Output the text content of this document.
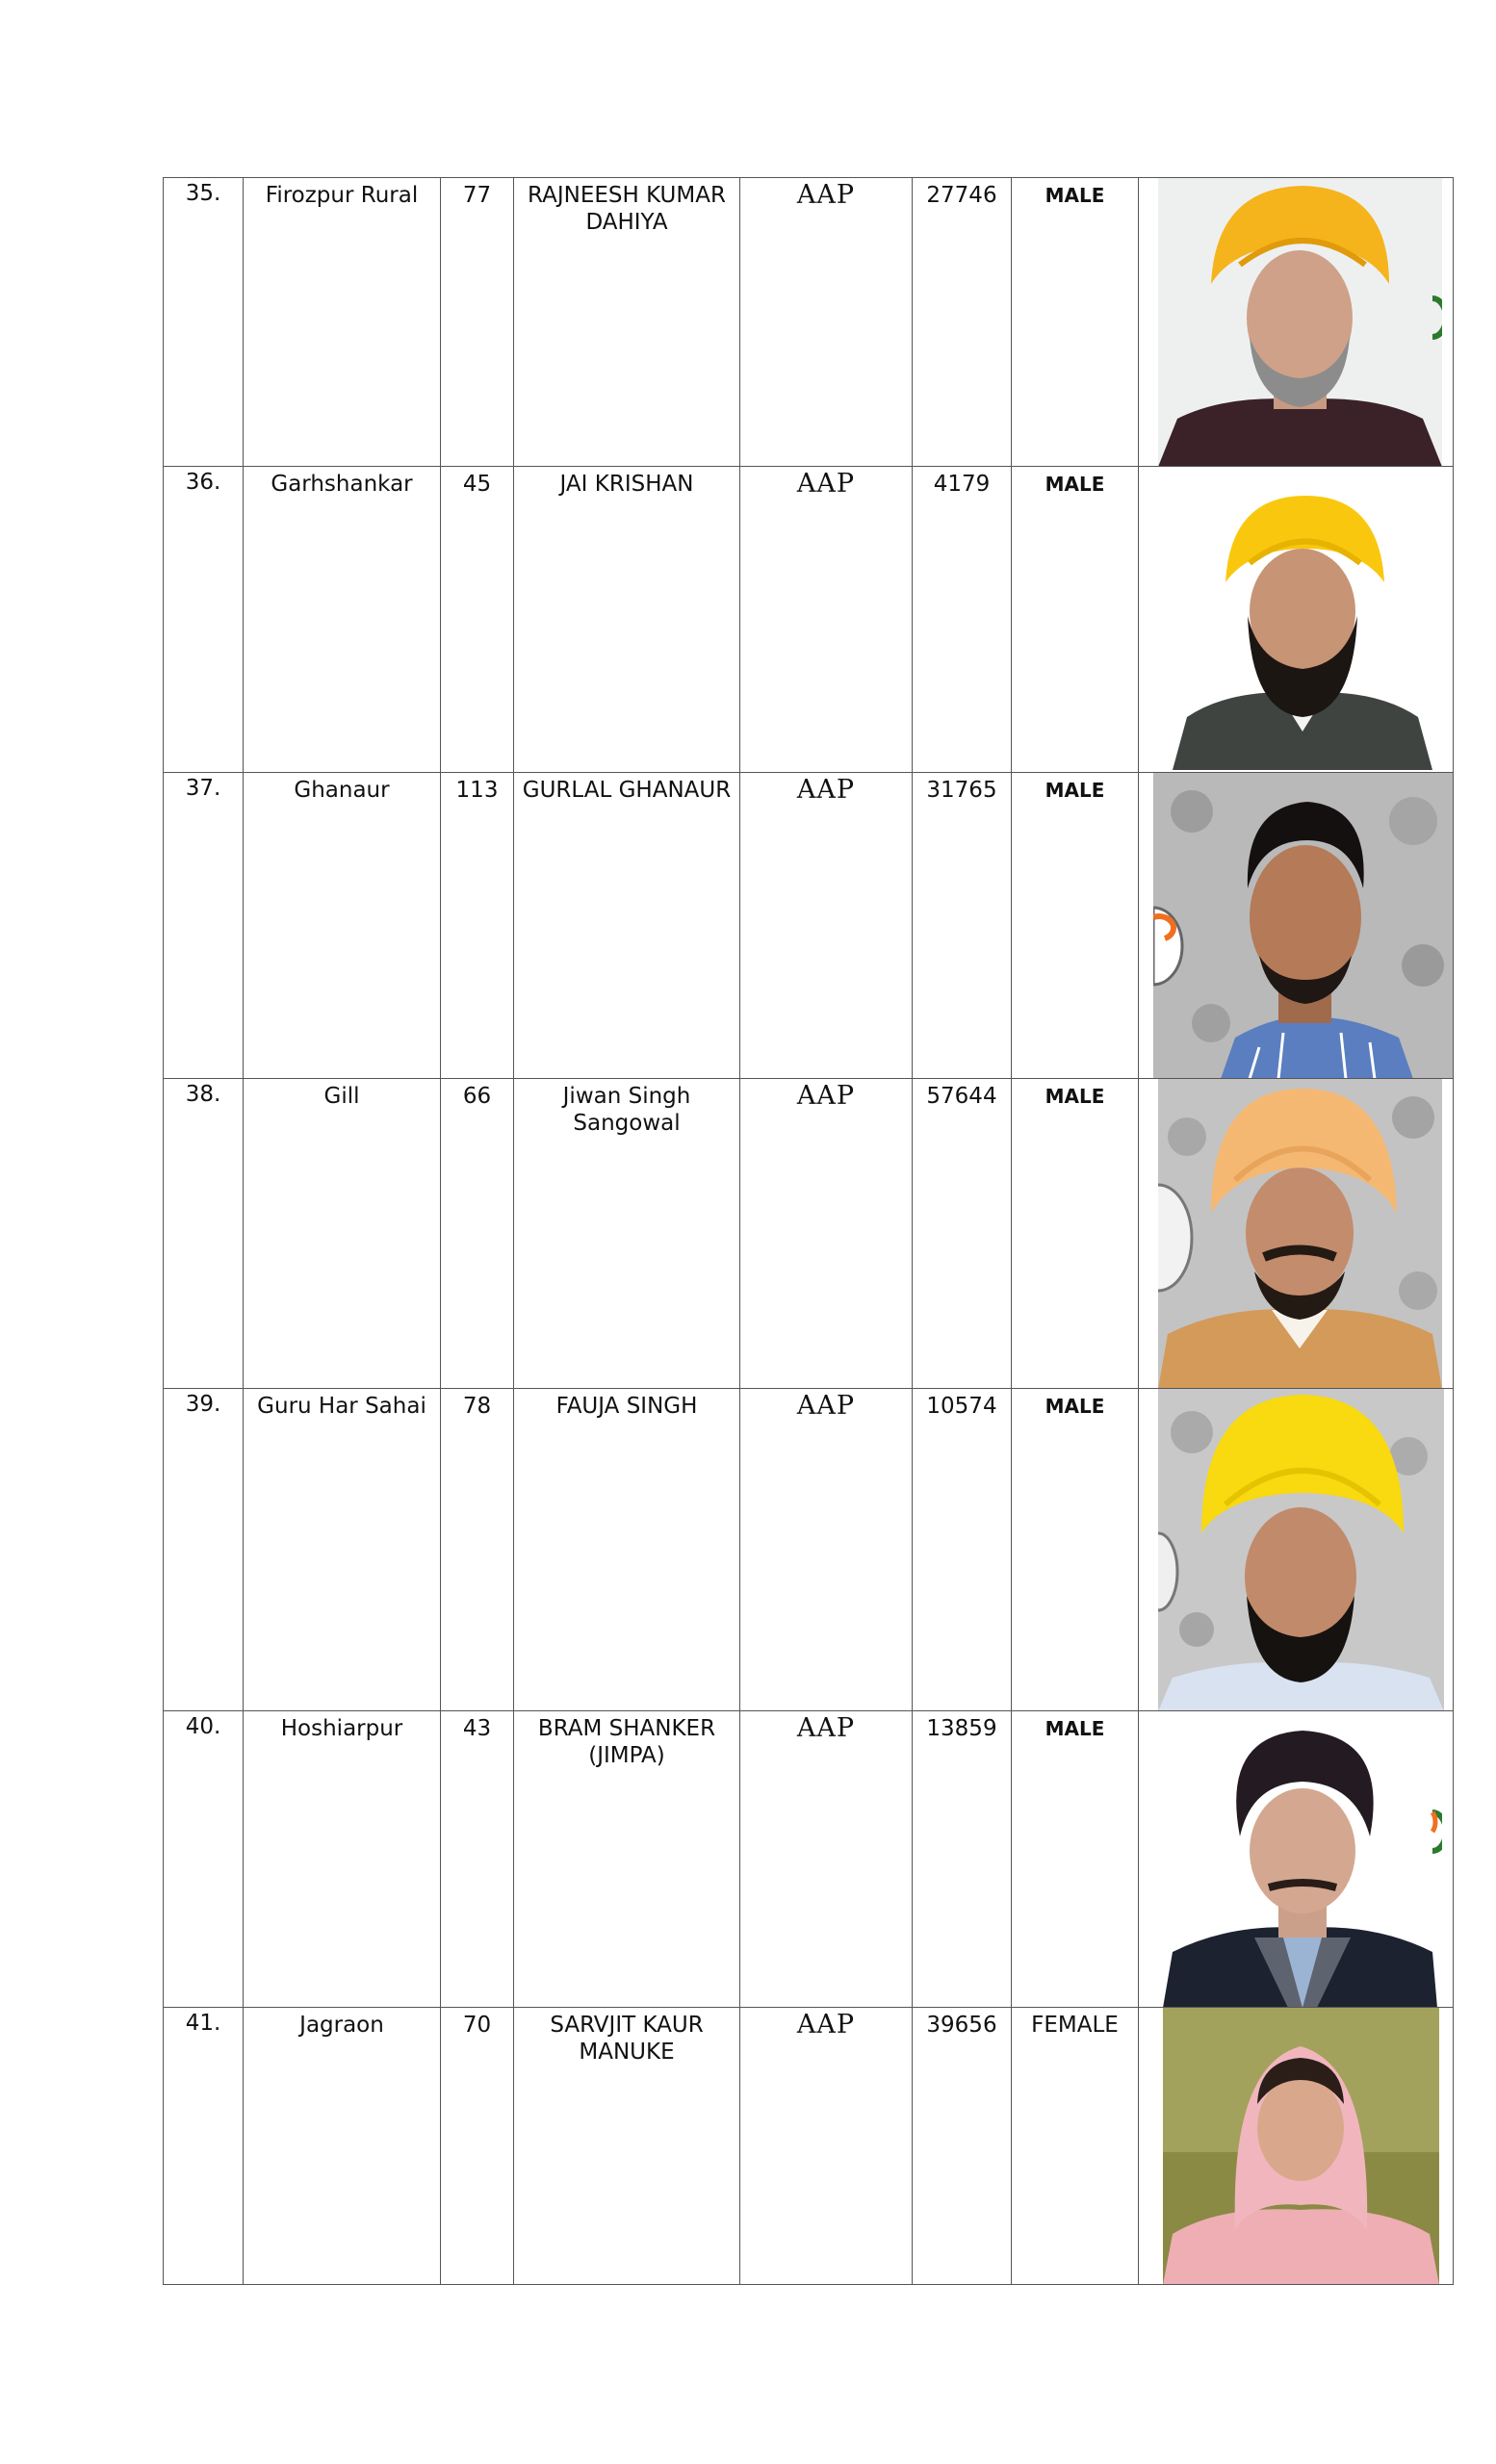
35.	Firozpur Rural	77	RAJNEESH KUMAR DAHIYA	AAP	27746	MALE

36.	Garhshankar	45	JAI KRISHAN	AAP	4179	MALE

37.	Ghanaur	113	GURLAL GHANAUR	AAP	31765	MALE

38.	Gill	66	Jiwan Singh Sangowal	AAP	57644	MALE

39.	Guru Har Sahai	78	FAUJA SINGH	AAP	10574	MALE

40.	Hoshiarpur	43	BRAM SHANKER (JIMPA)	AAP	13859	MALE

41.	Jagraon	70	SARVJIT KAUR MANUKE	AAP	39656	FEMALE
